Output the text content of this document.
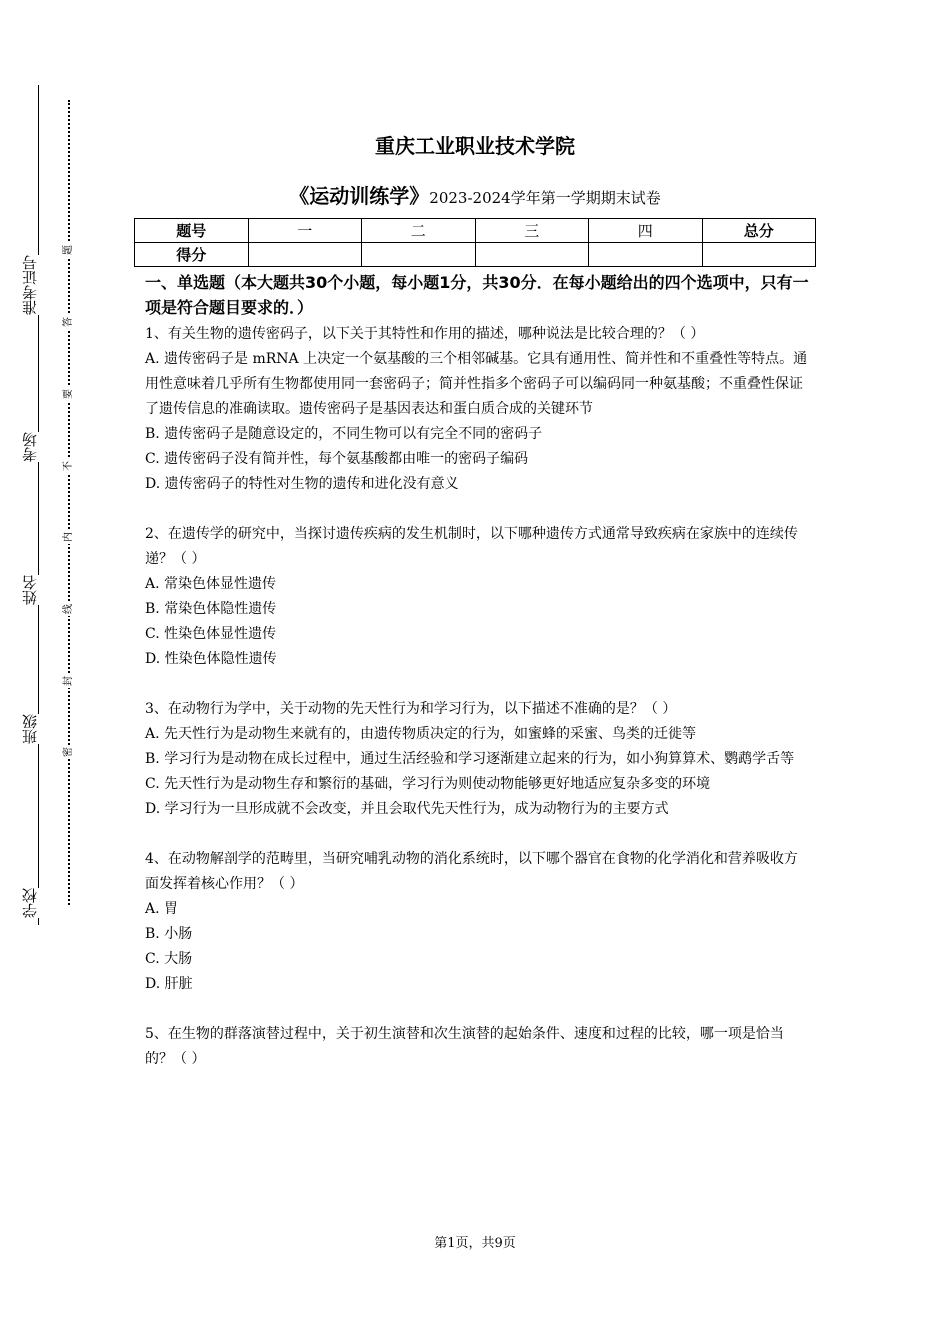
准考证号
考场
姓名
班级
学校
题
答
要
不
内
线
封
密
重庆工业职业技术学院
《运动训练学》2023-2024学年第一学期期末试卷
题号	一	二	三	四	总分
得分					
一、单选题（本大题共30个小题，每小题1分，共30分．在每小题给出的四个选项中，只有一项是符合题目要求的．）

1、有关生物的遗传密码子，以下关于其特性和作用的描述，哪种说法是比较合理的？（ ）

A. 遗传密码子是 mRNA 上决定一个氨基酸的三个相邻碱基。它具有通用性、简并性和不重叠性等特点。通用性意味着几乎所有生物都使用同一套密码子；简并性指多个密码子可以编码同一种氨基酸；不重叠性保证了遗传信息的准确读取。遗传密码子是基因表达和蛋白质合成的关键环节

B. 遗传密码子是随意设定的，不同生物可以有完全不同的密码子

C. 遗传密码子没有简并性，每个氨基酸都由唯一的密码子编码

D. 遗传密码子的特性对生物的遗传和进化没有意义

2、在遗传学的研究中，当探讨遗传疾病的发生机制时，以下哪种遗传方式通常导致疾病在家族中的连续传递？（ ）

A. 常染色体显性遗传

B. 常染色体隐性遗传

C. 性染色体显性遗传

D. 性染色体隐性遗传

3、在动物行为学中，关于动物的先天性行为和学习行为，以下描述不准确的是？（ ）

A. 先天性行为是动物生来就有的，由遗传物质决定的行为，如蜜蜂的采蜜、鸟类的迁徙等

B. 学习行为是动物在成长过程中，通过生活经验和学习逐渐建立起来的行为，如小狗算算术、鹦鹉学舌等

C. 先天性行为是动物生存和繁衍的基础，学习行为则使动物能够更好地适应复杂多变的环境

D. 学习行为一旦形成就不会改变，并且会取代先天性行为，成为动物行为的主要方式

4、在动物解剖学的范畴里，当研究哺乳动物的消化系统时，以下哪个器官在食物的化学消化和营养吸收方面发挥着核心作用？（ ）

A. 胃

B. 小肠

C. 大肠

D. 肝脏

5、在生物的群落演替过程中，关于初生演替和次生演替的起始条件、速度和过程的比较，哪一项是恰当的？（ ）

第1页，共9页
